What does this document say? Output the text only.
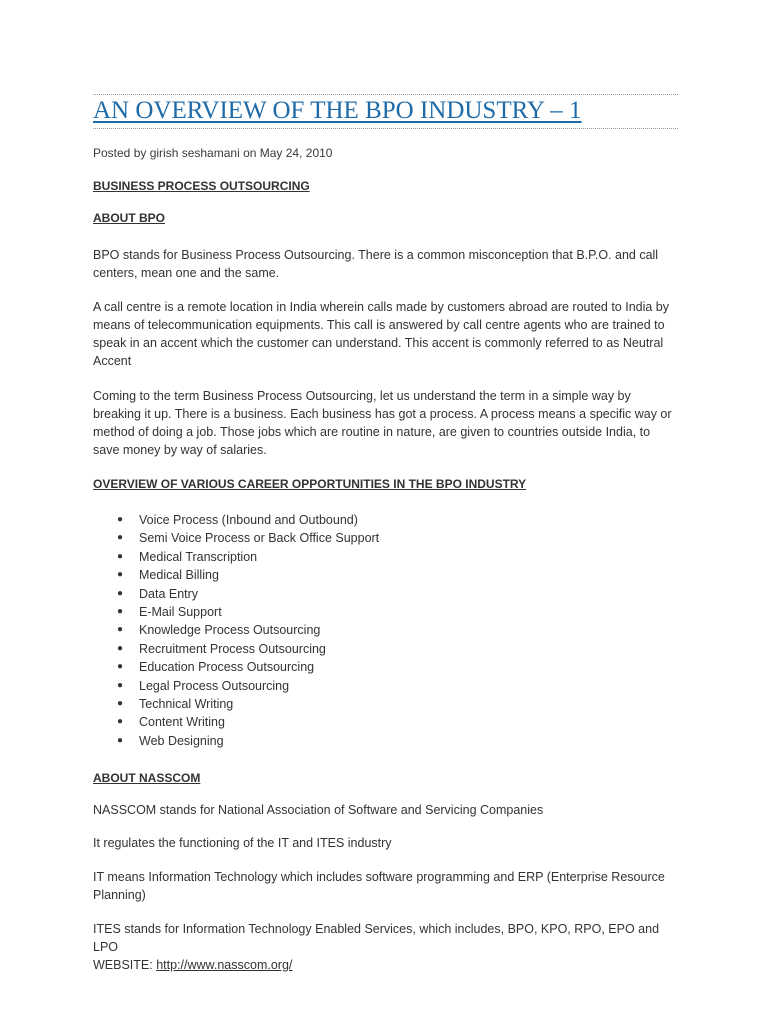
AN OVERVIEW OF THE BPO INDUSTRY – 1
Posted by girish seshamani on May 24, 2010
BUSINESS PROCESS OUTSOURCING
ABOUT BPO
BPO stands for Business Process Outsourcing. There is a common misconception that B.P.O. and call centers, mean one and the same.
A call centre is a remote location in India wherein calls made by customers abroad are routed to India by means of telecommunication equipments. This call is answered by call centre agents who are trained to speak in an accent which the customer can understand. This accent is commonly referred to as Neutral Accent
Coming to the term Business Process Outsourcing, let us understand the term in a simple way by breaking it up. There is a business. Each business has got a process. A process means a specific way or method of doing a job. Those jobs which are routine in nature, are given to countries outside India, to save money by way of salaries.
OVERVIEW OF VARIOUS CAREER OPPORTUNITIES IN THE BPO INDUSTRY
● Voice Process (Inbound and Outbound)
● Semi Voice Process or Back Office Support
● Medical Transcription
● Medical Billing
● Data Entry
● E-Mail Support
● Knowledge Process Outsourcing
● Recruitment Process Outsourcing
● Education Process Outsourcing
● Legal Process Outsourcing
● Technical Writing
● Content Writing
● Web Designing
ABOUT NASSCOM
NASSCOM stands for National Association of Software and Servicing Companies
It regulates the functioning of the IT and ITES industry
IT means Information Technology which includes software programming and ERP (Enterprise Resource Planning)
ITES stands for Information Technology Enabled Services, which includes, BPO, KPO, RPO, EPO and LPO
WEBSITE: http://www.nasscom.org/
